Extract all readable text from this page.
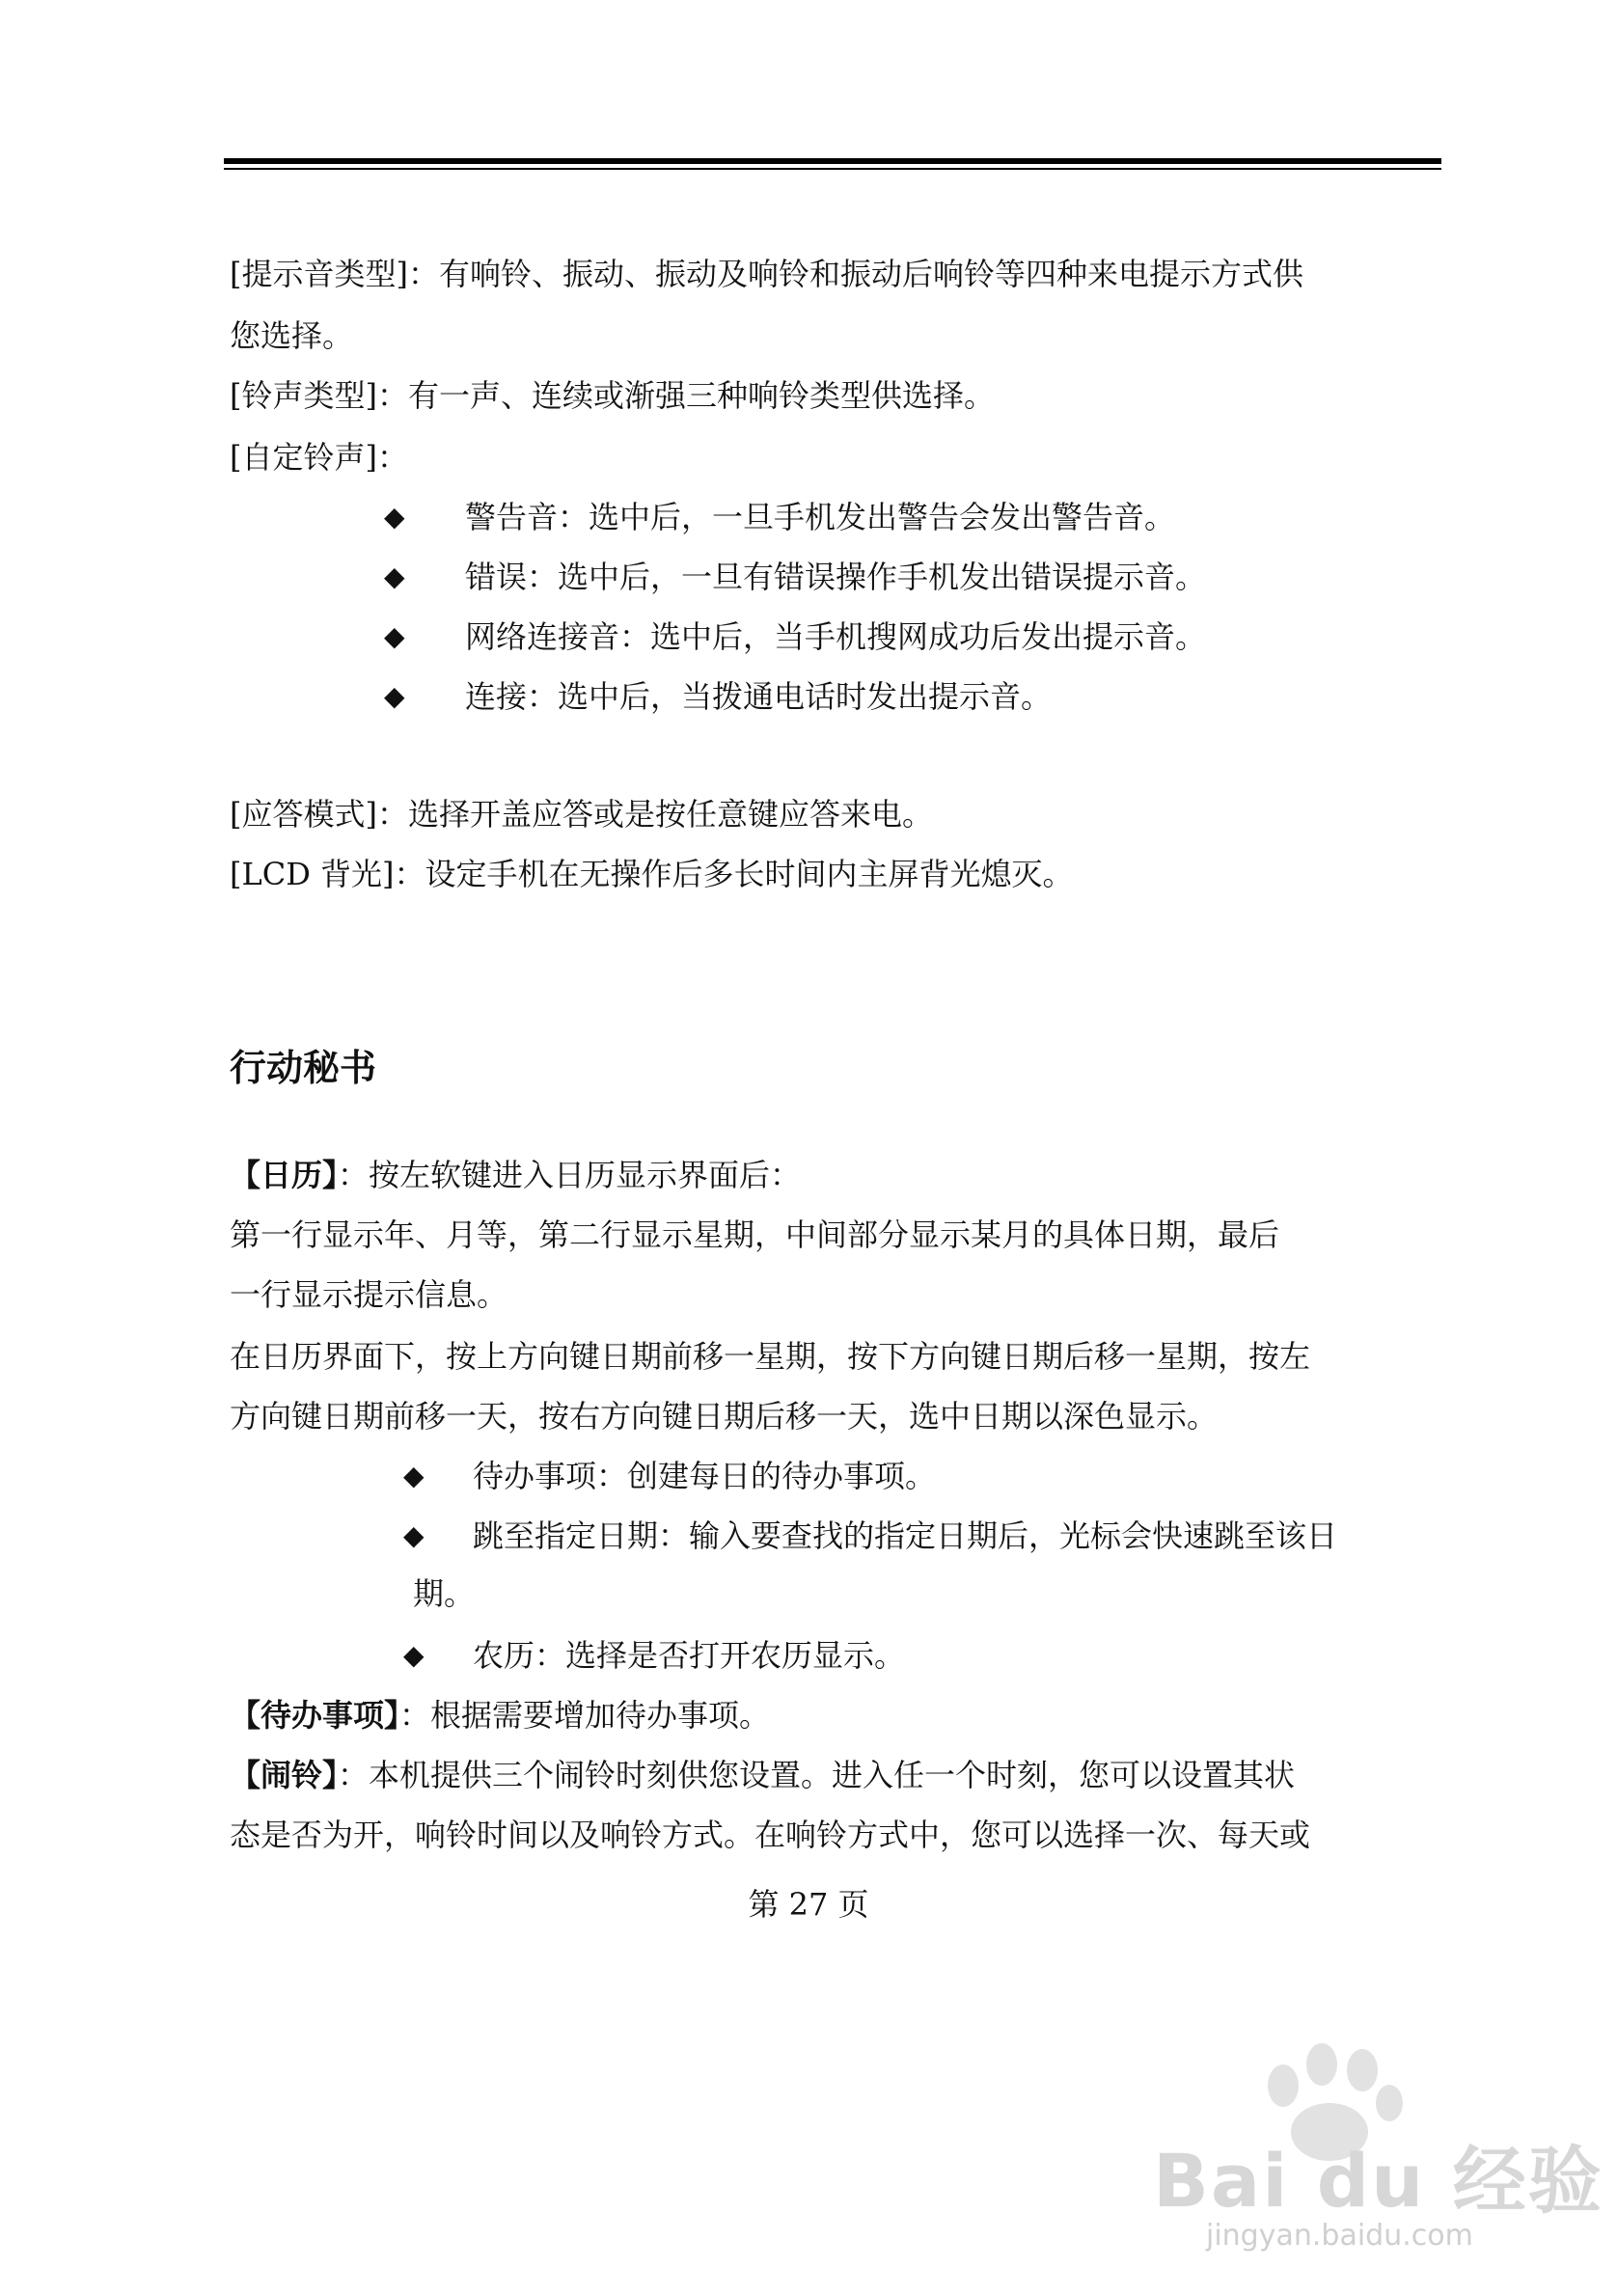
[提示音类型]：有响铃、振动、振动及响铃和振动后响铃等四种来电提示方式供
您选择。
[铃声类型]：有一声、连续或渐强三种响铃类型供选择。
[自定铃声]：
◆ 警告音：选中后，一旦手机发出警告会发出警告音。
◆ 错误：选中后，一旦有错误操作手机发出错误提示音。
◆ 网络连接音：选中后，当手机搜网成功后发出提示音。
◆ 连接：选中后，当拨通电话时发出提示音。
[应答模式]：选择开盖应答或是按任意键应答来电。
[LCD 背光]：设定手机在无操作后多长时间内主屏背光熄灭。
行动秘书
【日历】：按左软键进入日历显示界面后：
第一行显示年、月等，第二行显示星期，中间部分显示某月的具体日期，最后
一行显示提示信息。
在日历界面下，按上方向键日期前移一星期，按下方向键日期后移一星期，按左
方向键日期前移一天，按右方向键日期后移一天，选中日期以深色显示。
◆ 待办事项：创建每日的待办事项。
◆ 跳至指定日期：输入要查找的指定日期后，光标会快速跳至该日
期。
◆ 农历：选择是否打开农历显示。
【待办事项】：根据需要增加待办事项。
【闹铃】：本机提供三个闹铃时刻供您设置。进入任一个时刻，您可以设置其状
态是否为开，响铃时间以及响铃方式。在响铃方式中，您可以选择一次、每天或
第 27 页
Bai du 经验
jingyan.baidu.com
